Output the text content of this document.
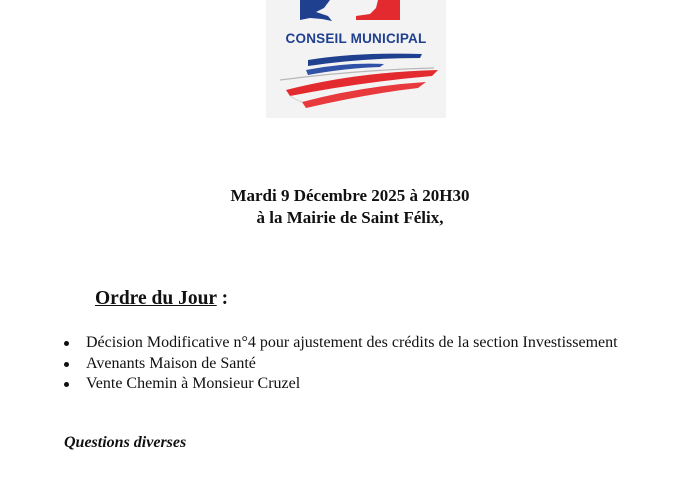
CONSEIL MUNICIPAL
Mardi 9 Décembre 2025 à 20H30
à la Mairie de Saint Félix,
Ordre du Jour :
Décision Modificative n°4 pour ajustement des crédits de la section Investissement
Avenants Maison de Santé
Vente Chemin à Monsieur Cruzel
Questions diverses
